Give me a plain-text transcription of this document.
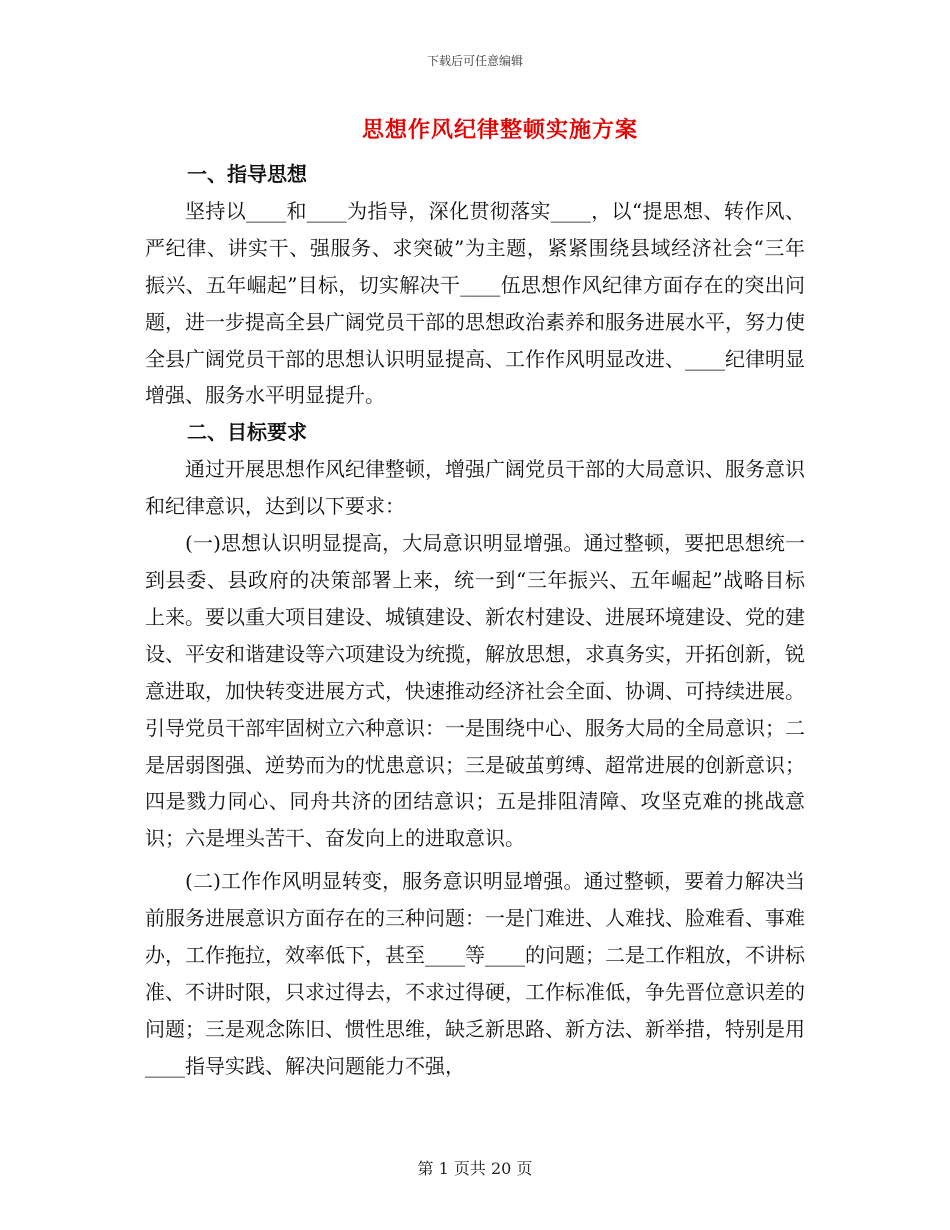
下载后可任意编辑
思想作风纪律整顿实施方案
一、指导思想

坚持以____和____为指导，深化贯彻落实____，以“提思想、转作风、严纪律、讲实干、强服务、求突破”为主题，紧紧围绕县域经济社会“三年振兴、五年崛起”目标，切实解决干____伍思想作风纪律方面存在的突出问题，进一步提高全县广阔党员干部的思想政治素养和服务进展水平，努力使全县广阔党员干部的思想认识明显提高、工作作风明显改进、____纪律明显增强、服务水平明显提升。

二、目标要求

通过开展思想作风纪律整顿，增强广阔党员干部的大局意识、服务意识和纪律意识，达到以下要求：

(一)思想认识明显提高，大局意识明显增强。通过整顿，要把思想统一到县委、县政府的决策部署上来，统一到“三年振兴、五年崛起”战略目标上来。要以重大项目建设、城镇建设、新农村建设、进展环境建设、党的建设、平安和谐建设等六项建设为统揽，解放思想，求真务实，开拓创新，锐意进取，加快转变进展方式，快速推动经济社会全面、协调、可持续进展。引导党员干部牢固树立六种意识：一是围绕中心、服务大局的全局意识；二是居弱图强、逆势而为的忧患意识；三是破茧剪缚、超常进展的创新意识；四是戮力同心、同舟共济的团结意识；五是排阻清障、攻坚克难的挑战意识；六是埋头苦干、奋发向上的进取意识。

(二)工作作风明显转变，服务意识明显增强。通过整顿，要着力解决当前服务进展意识方面存在的三种问题：一是门难进、人难找、脸难看、事难办，工作拖拉，效率低下，甚至____等____的问题；二是工作粗放，不讲标准、不讲时限，只求过得去，不求过得硬，工作标准低，争先晋位意识差的问题；三是观念陈旧、惯性思维，缺乏新思路、新方法、新举措，特别是用____指导实践、解决问题能力不强，

第 1 页共 20 页
